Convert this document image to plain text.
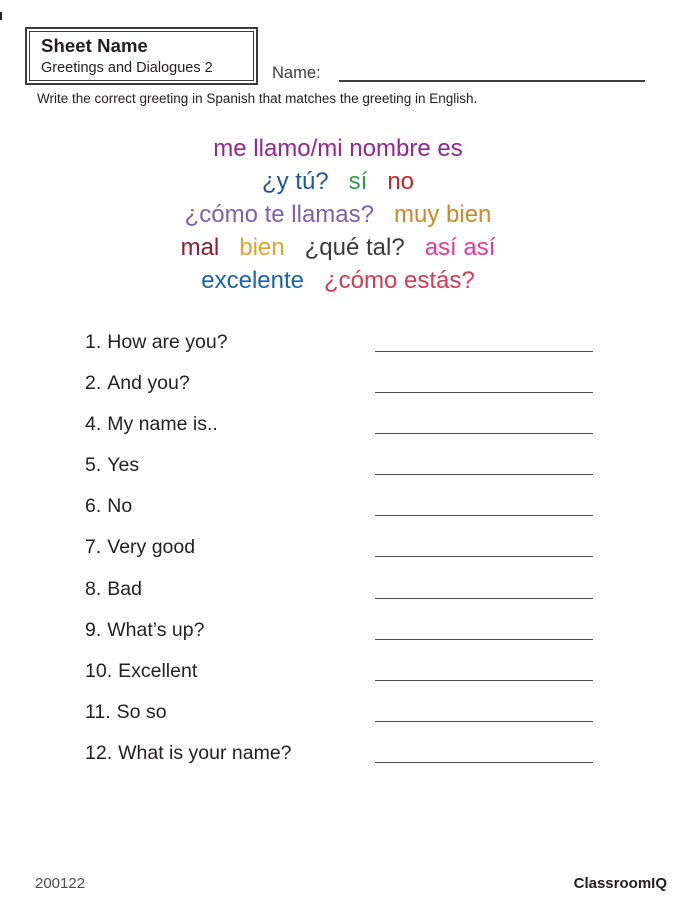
Sheet Name
Greetings and Dialogues 2	Name:
Write the correct greeting in Spanish that matches the greeting in English.
me llamo/mi nombre es
¿y tú? sí no
¿cómo te llamas? muy bien
mal bien ¿qué tal? así así
excelente ¿cómo estás?
1. How are you?
2. And you?
4. My name is..
5. Yes
6. No
7. Very good
8. Bad
9. What’s up?
10. Excellent
11. So so
12. What is your name?
200122	ClassroomIQ
